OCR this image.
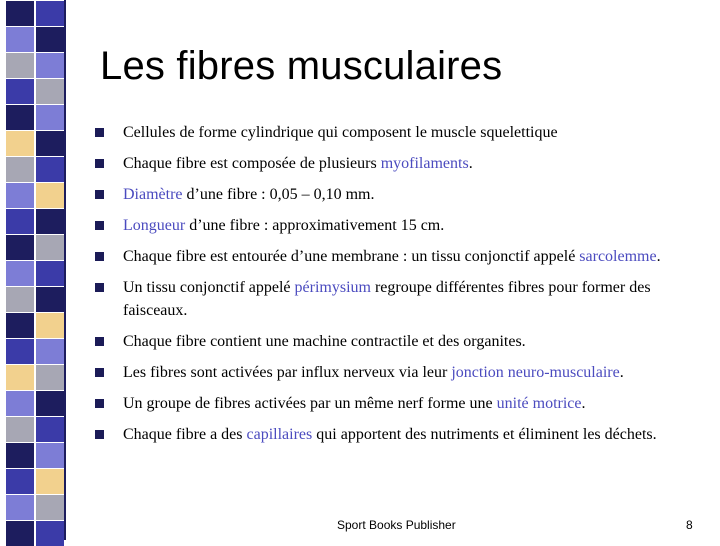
Les fibres musculaires
Cellules de forme cylindrique qui composent le muscle squelettique
Chaque fibre est composée de plusieurs myofilaments.
Diamètre d’une fibre : 0,05 – 0,10 mm.
Longueur d’une fibre : approximativement 15 cm.
Chaque fibre est entourée d’une membrane : un tissu conjonctif appelé sarcolemme.
Un tissu conjonctif appelé périmysium regroupe différentes fibres pour former des faisceaux.
Chaque fibre contient une machine contractile et des organites.
Les fibres sont activées par influx nerveux via leur jonction neuro-musculaire.
Un groupe de fibres activées par un même nerf forme une unité motrice.
Chaque fibre a des capillaires qui apportent des nutriments et éliminent les déchets.
Sport Books Publisher	8
